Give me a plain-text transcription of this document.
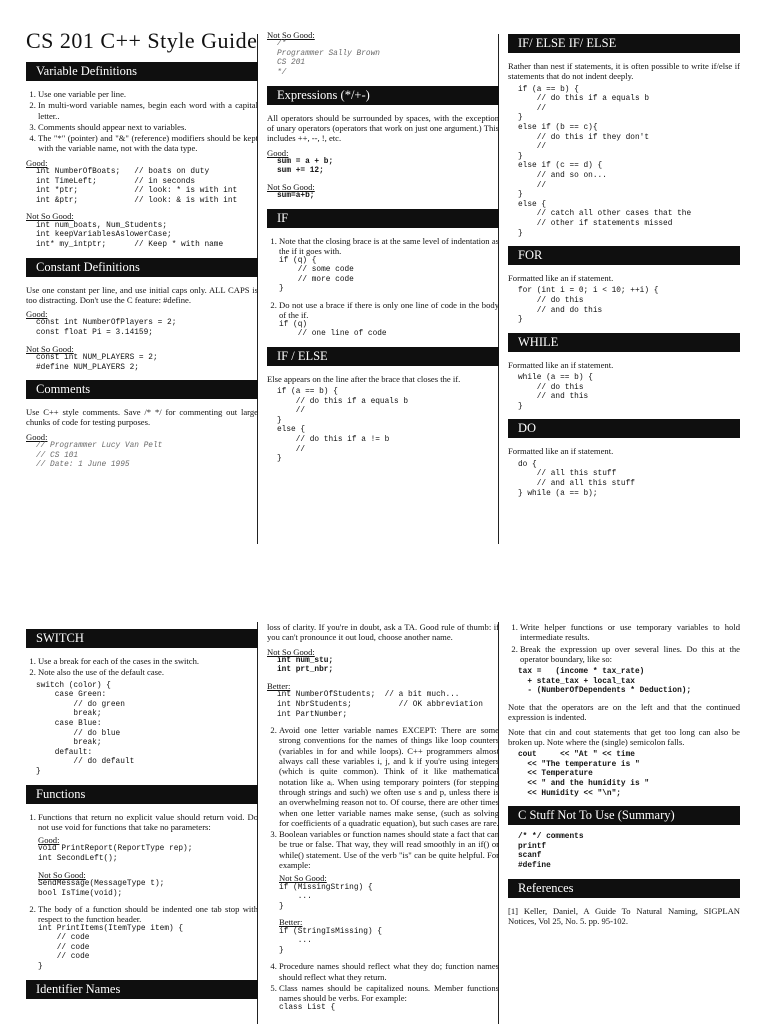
CS 201 C++ Style Guide
Variable Definitions
1. Use one variable per line.
2. In multi-word variable names, begin each word with a capital letter..
3. Comments should appear next to variables.
4. The "*" (pointer) and "&" (reference) modifiers should be kept with the variable name, not with the data type.
Good:
int NumberOfBoats;   // boats on duty
int TimeLeft;        // in seconds
int *ptr;            // look: * is with int
int &ptr;            // look: & is with int
Not So Good:
int num_boats, Num_Students;
int keepVariablesAslowerCase;
int* my_intptr;      // Keep * with name
Constant Definitions

Use one constant per line, and use initial caps only. ALL CAPS is too distracting. Don't use the C feature: #define.

Good:
const int NumberOfPlayers = 2;
const float Pi = 3.14159;
Not So Good:
const int NUM_PLAYERS = 2;
#define NUM_PLAYERS 2;
Comments

Use C++ style comments. Save /* */ for commenting out large chunks of code for testing purposes.

Good:
// Programmer Lucy Van Pelt
// CS 101
// Date: 1 June 1995
Not So Good:
/*
Programmer Sally Brown
CS 201
*/
Expressions (*/+-)

All operators should be surrounded by spaces, with the exception of unary operators (operators that work on just one argument.) This includes ++, --, !, etc.

Good:
sum = a + b;
sum += 12;
Not So Good:
sum=a+b;
IF
1. Note that the closing brace is at the same level of indentation as the if it goes with.
if (q) {
// some code
// more code
}
2. Do not use a brace if there is only one line of code in the body of the if.
if (q)
// one line of code
IF / ELSE

Else appears on the line after the brace that closes the if.

if (a == b) {
// do this if a equals b
//
}
else {
// do this if a != b
//
}
IF/ ELSE IF/ ELSE

Rather than nest if statements, it is often possible to write if/else if statements that do not indent deeply.

if (a == b) {
// do this if a equals b
//
}
else if (b == c){
// do this if they don't
//
}
else if (c == d) {
// and so on...
//
}
else {
// catch all other cases that the
// other if statements missed
}
FOR

Formatted like an if statement.

for (int i = 0; i < 10; ++i) {
// do this
// and do this
}
WHILE

Formatted like an if statement.

while (a == b) {
// do this
// and this
}
DO

Formatted like an if statement.

do {
// all this stuff
// and all this stuff
} while (a == b);
SWITCH
1. Use a break for each of the cases in the switch.
2. Note also the use of the default case.
switch (color) {
case Green:
// do green
break;
case Blue:
// do blue
break;
default:
// do default
}
Functions
1. Functions that return no explicit value should return void. Do not use void for functions that take no parameters:
Good:
void PrintReport(ReportType rep);
int SecondLeft();
Not So Good:
SendMessage(MessageType t);
bool IsTime(void);
2. The body of a function should be indented one tab stop with respect to the function header.
int PrintItems(ItemType item) {
// code
// code
// code
}
Identifier Names

loss of clarity. If you're in doubt, ask a TA. Good rule of thumb: if you can't pronounce it out loud, choose another name.

Not So Good:
int num_stu;
int prt_nbr;
Better:
int NumberOfStudents;  // a bit much...
int NbrStudents;          // OK abbreviation
int PartNumber;
2. Avoid one letter variable names EXCEPT: There are some strong conventions for the names of things like loop counters (variables in for and while loops). C++ programmers almost always call these variables i, j, and k if you're using integers (which is quite common). Think of it like mathematical notation like aᵢ. When using temporary pointers (for stepping through strings and such) we often use s and p, unless there is an overwhelming reason not to. Of course, there are other times when one letter variable names make sense, (such as solving for coefficients of a quadratic equation), but such cases are rare.
3. Boolean variables or function names should state a fact that can be true or false. That way, they will read smoothly in an if() or while() statement. Use of the verb "is" can be quite helpful. For example:
Not So Good:
if (MissingString) {
...
}
Better:
if (StringIsMissing) {
...
}
4. Procedure names should reflect what they do; function names should reflect what they return.
5. Class names should be capitalized nouns. Member functions names should be verbs. For example:
class List {
1. Write helper functions or use temporary variables to hold intermediate results.
2. Break the expression up over several lines. Do this at the operator boundary, like so:
tax =   (income * tax_rate)
+ state_tax + local_tax
- (NumberOfDependents * Deduction);

Note that the operators are on the left and that the continued expression is indented.

Note that cin and cout statements that get too long can also be broken up. Note where the (single) semicolon falls.

cout     << "At " << time
<< "The temperature is "
<< Temperature
<< " and the humidity is "
<< Humidity << "\n";
C Stuff Not To Use (Summary)
/* */ comments
printf
scanf
#define
References

[1] Keller, Daniel, A Guide To Natural Naming, SIGPLAN Notices, Vol 25, No. 5. pp. 95-102.
